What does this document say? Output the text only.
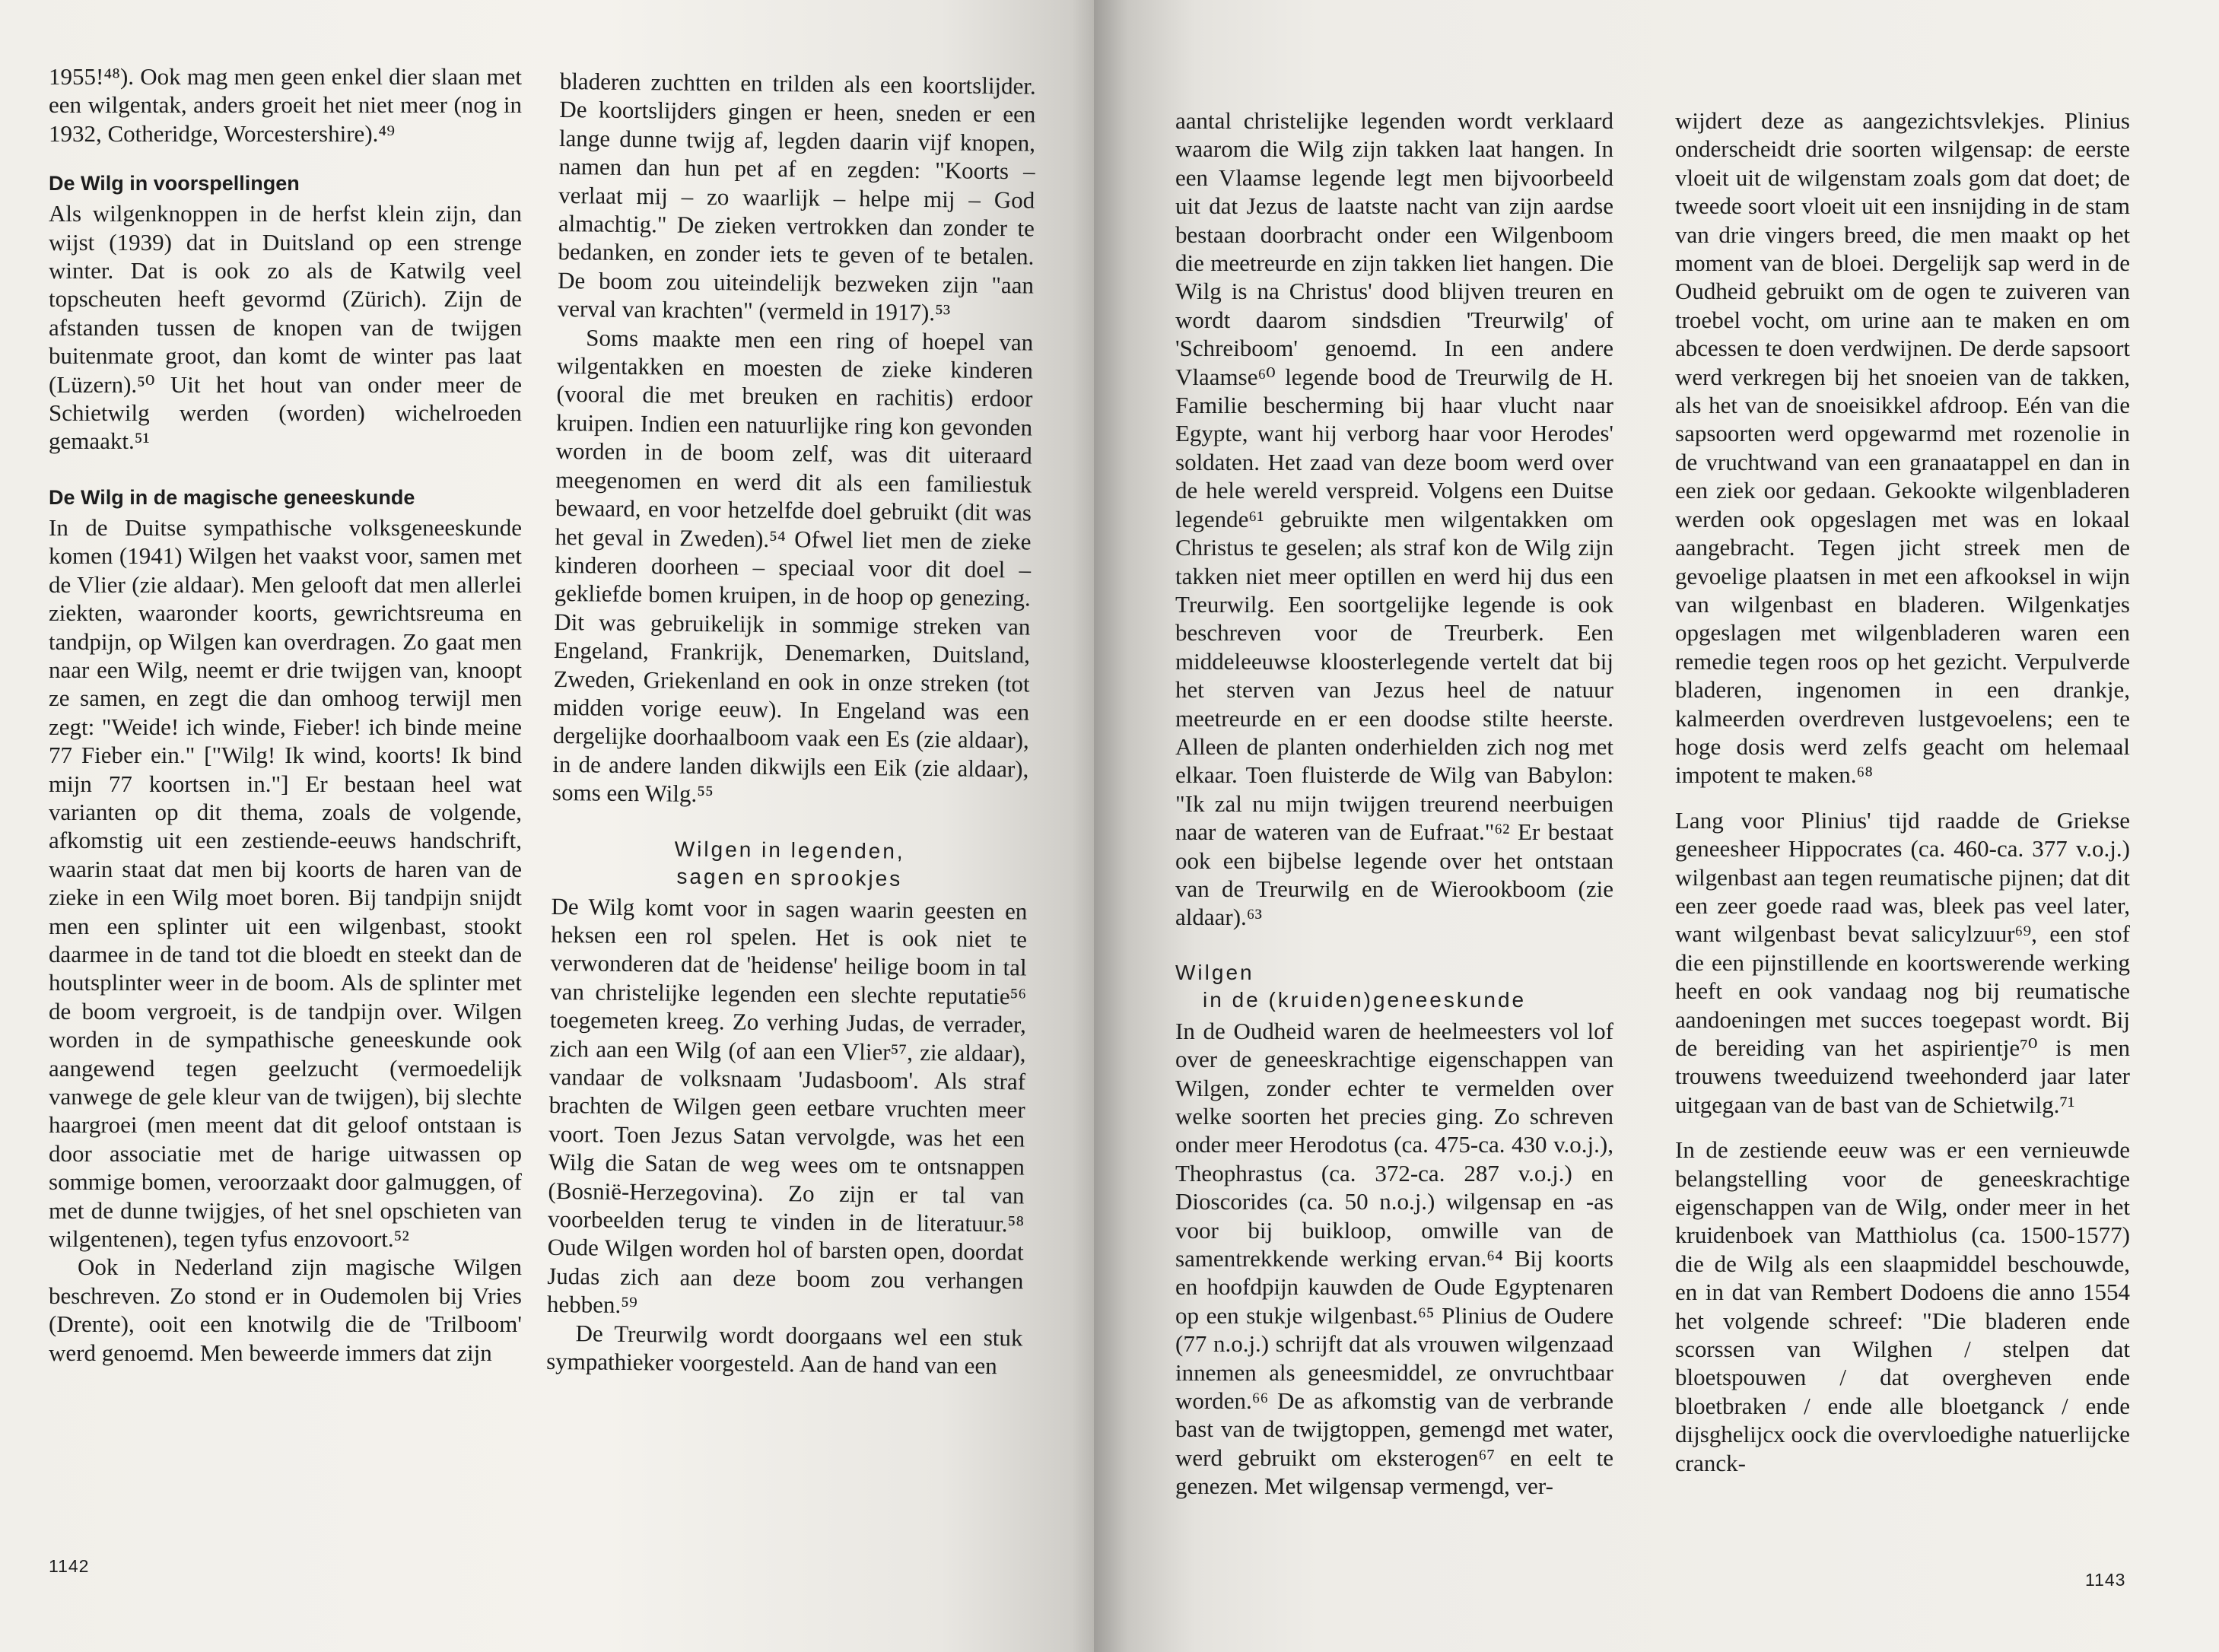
1955!⁴⁸). Ook mag men geen enkel dier slaan met een wilgentak, anders groeit het niet meer (nog in 1932, Cotheridge, Worcestershire).⁴⁹

De Wilg in voorspellingen

Als wilgenknoppen in de herfst klein zijn, dan wijst (1939) dat in Duitsland op een strenge winter. Dat is ook zo als de Katwilg veel topscheuten heeft gevormd (Zürich). Zijn de afstanden tussen de knopen van de twijgen buitenmate groot, dan komt de winter pas laat (Lüzern).⁵⁰ Uit het hout van onder meer de Schietwilg werden (worden) wichelroeden gemaakt.⁵¹

De Wilg in de magische geneeskunde

In de Duitse sympathische volksgeneeskunde komen (1941) Wilgen het vaakst voor, samen met de Vlier (zie aldaar). Men gelooft dat men allerlei ziekten, waaronder koorts, gewrichtsreuma en tandpijn, op Wilgen kan overdragen. Zo gaat men naar een Wilg, neemt er drie twijgen van, knoopt ze samen, en zegt die dan omhoog terwijl men zegt: "Weide! ich winde, Fieber! ich binde meine 77 Fieber ein." ["Wilg! Ik wind, koorts! Ik bind mijn 77 koortsen in."] Er bestaan heel wat varianten op dit thema, zoals de volgende, afkomstig uit een zestiende-eeuws handschrift, waarin staat dat men bij koorts de haren van de zieke in een Wilg moet boren. Bij tandpijn snijdt men een splinter uit een wilgenbast, stookt daarmee in de tand tot die bloedt en steekt dan de houtsplinter weer in de boom. Als de splinter met de boom vergroeit, is de tandpijn over. Wilgen worden in de sympathische geneeskunde ook aangewend tegen geelzucht (vermoedelijk vanwege de gele kleur van de twijgen), bij slechte haargroei (men meent dat dit geloof ontstaan is door associatie met de harige uitwassen op sommige bomen, veroorzaakt door galmuggen, of met de dunne twijgjes, of het snel opschieten van wilgentenen), tegen tyfus enzovoort.⁵²

Ook in Nederland zijn magische Wilgen beschreven. Zo stond er in Oudemolen bij Vries (Drente), ooit een knotwilg die de 'Trilboom' werd genoemd. Men beweerde immers dat zijn

bladeren zuchtten en trilden als een koortslijder. De koortslijders gingen er heen, sneden er een lange dunne twijg af, legden daarin vijf knopen, namen dan hun pet af en zegden: "Koorts – verlaat mij – zo waarlijk – helpe mij – God almachtig." De zieken vertrokken dan zonder te bedanken, en zonder iets te geven of te betalen. De boom zou uiteindelijk bezweken zijn "aan verval van krachten" (vermeld in 1917).⁵³

Soms maakte men een ring of hoepel van wilgentakken en moesten de zieke kinderen (vooral die met breuken en rachitis) erdoor kruipen. Indien een natuurlijke ring kon gevonden worden in de boom zelf, was dit uiteraard meegenomen en werd dit als een familiestuk bewaard, en voor hetzelfde doel gebruikt (dit was het geval in Zweden).⁵⁴ Ofwel liet men de zieke kinderen doorheen – speciaal voor dit doel – gekliefde bomen kruipen, in de hoop op genezing. Dit was gebruikelijk in sommige streken van Engeland, Frankrijk, Denemarken, Duitsland, Zweden, Griekenland en ook in onze streken (tot midden vorige eeuw). In Engeland was een dergelijke doorhaalboom vaak een Es (zie aldaar), in de andere landen dikwijls een Eik (zie aldaar), soms een Wilg.⁵⁵

Wilgen in legenden,
sagen en sprookjes

De Wilg komt voor in sagen waarin geesten en heksen een rol spelen. Het is ook niet te verwonderen dat de 'heidense' heilige boom in tal van christelijke legenden een slechte reputatie⁵⁶ toegemeten kreeg. Zo verhing Judas, de verrader, zich aan een Wilg (of aan een Vlier⁵⁷, zie aldaar), vandaar de volksnaam 'Judasboom'. Als straf brachten de Wilgen geen eetbare vruchten meer voort. Toen Jezus Satan vervolgde, was het een Wilg die Satan de weg wees om te ontsnappen (Bosnië-Herzegovina). Zo zijn er tal van voorbeelden terug te vinden in de literatuur.⁵⁸ Oude Wilgen worden hol of barsten open, doordat Judas zich aan deze boom zou verhangen hebben.⁵⁹

De Treurwilg wordt doorgaans wel een stuk sympathieker voorgesteld. Aan de hand van een

1142

aantal christelijke legenden wordt verklaard waarom die Wilg zijn takken laat hangen. In een Vlaamse legende legt men bijvoorbeeld uit dat Jezus de laatste nacht van zijn aardse bestaan doorbracht onder een Wilgenboom die meetreurde en zijn takken liet hangen. Die Wilg is na Christus' dood blijven treuren en wordt daarom sindsdien 'Treurwilg' of 'Schreiboom' genoemd. In een andere Vlaamse⁶⁰ legende bood de Treurwilg de H. Familie bescherming bij haar vlucht naar Egypte, want hij verborg haar voor Herodes' soldaten. Het zaad van deze boom werd over de hele wereld verspreid. Volgens een Duitse legende⁶¹ gebruikte men wilgentakken om Christus te geselen; als straf kon de Wilg zijn takken niet meer optillen en werd hij dus een Treurwilg. Een soortgelijke legende is ook beschreven voor de Treurberk. Een middeleeuwse kloosterlegende vertelt dat bij het sterven van Jezus heel de natuur meetreurde en er een doodse stilte heerste. Alleen de planten onderhielden zich nog met elkaar. Toen fluisterde de Wilg van Babylon: "Ik zal nu mijn twijgen treurend neerbuigen naar de wateren van de Eufraat."⁶² Er bestaat ook een bijbelse legende over het ontstaan van de Treurwilg en de Wierookboom (zie aldaar).⁶³

Wilgen
in de (kruiden)geneeskunde

In de Oudheid waren de heelmeesters vol lof over de geneeskrachtige eigenschappen van Wilgen, zonder echter te vermelden over welke soorten het precies ging. Zo schreven onder meer Herodotus (ca. 475-ca. 430 v.o.j.), Theophrastus (ca. 372-ca. 287 v.o.j.) en Dioscorides (ca. 50 n.o.j.) wilgensap en -as voor bij buikloop, omwille van de samentrekkende werking ervan.⁶⁴ Bij koorts en hoofdpijn kauwden de Oude Egyptenaren op een stukje wilgenbast.⁶⁵ Plinius de Oudere (77 n.o.j.) schrijft dat als vrouwen wilgenzaad innemen als geneesmiddel, ze onvruchtbaar worden.⁶⁶ De as afkomstig van de verbrande bast van de twijgtoppen, gemengd met water, werd gebruikt om eksterogen⁶⁷ en eelt te genezen. Met wilgensap vermengd, ver-

wijdert deze as aangezichtsvlekjes. Plinius onderscheidt drie soorten wilgensap: de eerste vloeit uit de wilgenstam zoals gom dat doet; de tweede soort vloeit uit een insnijding in de stam van drie vingers breed, die men maakt op het moment van de bloei. Dergelijk sap werd in de Oudheid gebruikt om de ogen te zuiveren van troebel vocht, om urine aan te maken en om abcessen te doen verdwijnen. De derde sapsoort werd verkregen bij het snoeien van de takken, als het van de snoeisikkel afdroop. Eén van die sapsoorten werd opgewarmd met rozenolie in de vruchtwand van een granaatappel en dan in een ziek oor gedaan. Gekookte wilgenbladeren werden ook opgeslagen met was en lokaal aangebracht. Tegen jicht streek men de gevoelige plaatsen in met een afkooksel in wijn van wilgenbast en bladeren. Wilgenkatjes opgeslagen met wilgenbladeren waren een remedie tegen roos op het gezicht. Verpulverde bladeren, ingenomen in een drankje, kalmeerden overdreven lustgevoelens; een te hoge dosis werd zelfs geacht om helemaal impotent te maken.⁶⁸

Lang voor Plinius' tijd raadde de Griekse geneesheer Hippocrates (ca. 460-ca. 377 v.o.j.) wilgenbast aan tegen reumatische pijnen; dat dit een zeer goede raad was, bleek pas veel later, want wilgenbast bevat salicylzuur⁶⁹, een stof die een pijnstillende en koortswerende werking heeft en ook vandaag nog bij reumatische aandoeningen met succes toegepast wordt. Bij de bereiding van het aspirientje⁷⁰ is men trouwens tweeduizend tweehonderd jaar later uitgegaan van de bast van de Schietwilg.⁷¹

In de zestiende eeuw was er een vernieuwde belangstelling voor de geneeskrachtige eigenschappen van de Wilg, onder meer in het kruidenboek van Matthiolus (ca. 1500-1577) die de Wilg als een slaapmiddel beschouwde, en in dat van Rembert Dodoens die anno 1554 het volgende schreef: "Die bladeren ende scorssen van Wilghen / stelpen dat bloetspouwen / dat overgheven ende bloetbraken / ende alle bloetganck / ende dijsghelijcx oock die overvloedighe natuerlijcke cranck-

1143
